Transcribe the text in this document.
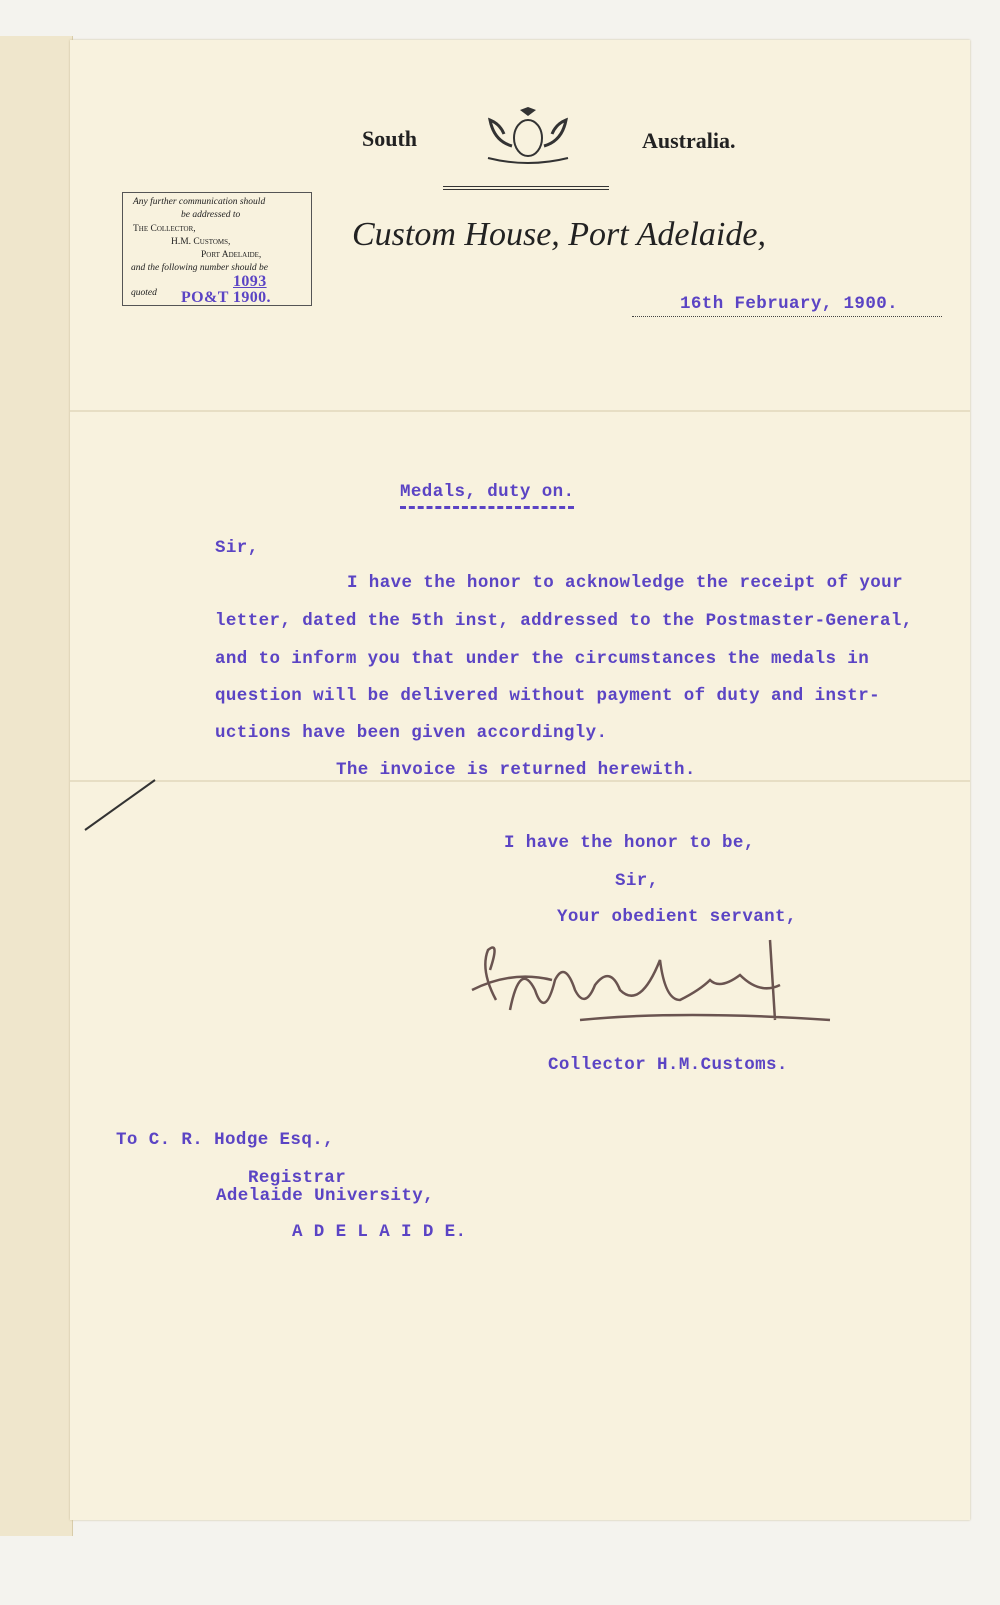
South	Australia.
Custom House, Port Adelaide,
Any further communication should
be addressed to
The Collector,
H.M. Customs,
Port Adelaide,
and the following number should be
quoted
1093
PO&T 1900.	16th February, 1900.
Medals, duty on.
Sir,
I have the honor to acknowledge the receipt of your
letter, dated the 5th inst, addressed to the Postmaster-General,
and to inform you that under the circumstances the medals in
question will be delivered without payment of duty and instr-
uctions have been given accordingly.
The invoice is returned herewith.
I have the honor to be,
Sir,
Your obedient servant,
Collector H.M.Customs.
To C. R. Hodge Esq.,
Registrar
Adelaide University,
A D E L A I D E.
